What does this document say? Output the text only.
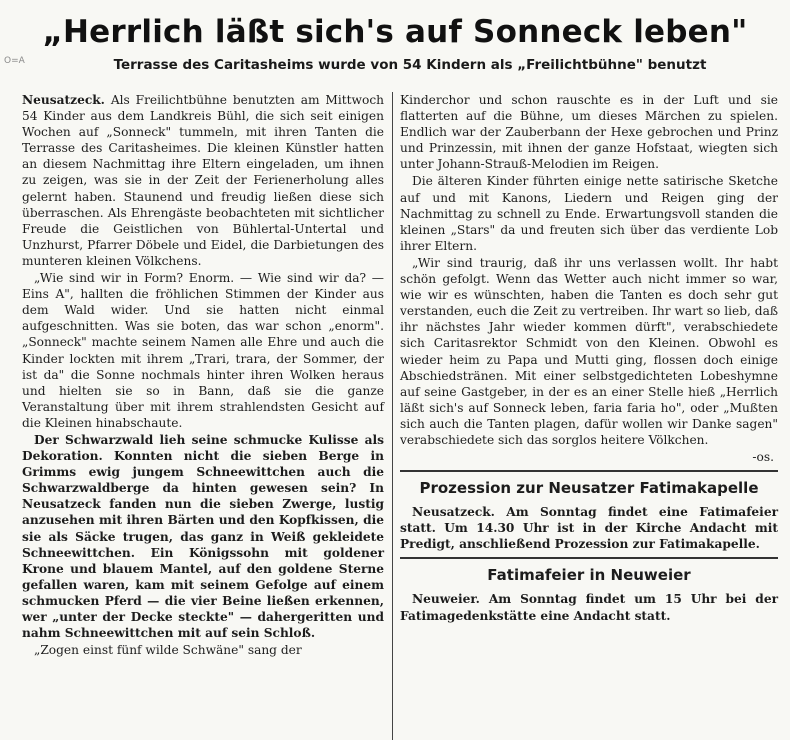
O=A
„Herrlich läßt sich's auf Sonneck leben"
Terrasse des Caritasheims wurde von 54 Kindern als „Freilichtbühne" benutzt

Neusatzeck. Als Freilichtbühne benutzten am Mittwoch 54 Kinder aus dem Landkreis Bühl, die sich seit einigen Wochen auf „Sonneck" tummeln, mit ihren Tanten die Terrasse des Caritasheimes. Die kleinen Künstler hatten an diesem Nachmittag ihre Eltern eingeladen, um ihnen zu zeigen, was sie in der Zeit der Ferienerholung alles gelernt haben. Staunend und freudig ließen diese sich überraschen. Als Ehrengäste beobachteten mit sichtlicher Freude die Geistlichen von Bühlertal-Untertal und Unzhurst, Pfarrer Döbele und Eidel, die Darbietungen des munteren kleinen Völkchens.

„Wie sind wir in Form? Enorm. — Wie sind wir da? — Eins A", hallten die fröhlichen Stimmen der Kinder aus dem Wald wider. Und sie hatten nicht einmal aufgeschnitten. Was sie boten, das war schon „enorm". „Sonneck" machte seinem Namen alle Ehre und auch die Kinder lockten mit ihrem „Trari, trara, der Sommer, der ist da" die Sonne nochmals hinter ihren Wolken heraus und hielten sie so in Bann, daß sie die ganze Veranstaltung über mit ihrem strahlendsten Gesicht auf die Kleinen hinabschaute.

Der Schwarzwald lieh seine schmucke Kulisse als Dekoration. Konnten nicht die sieben Berge in Grimms ewig jungem Schneewittchen auch die Schwarzwaldberge da hinten gewesen sein? In Neusatzeck fanden nun die sieben Zwerge, lustig anzusehen mit ihren Bärten und den Kopfkissen, die sie als Säcke trugen, das ganz in Weiß gekleidete Schneewittchen. Ein Königssohn mit goldener Krone und blauem Mantel, auf den goldene Sterne gefallen waren, kam mit seinem Gefolge auf einem schmucken Pferd — die vier Beine ließen erkennen, wer „unter der Decke steckte" — dahergeritten und nahm Schneewittchen mit auf sein Schloß.

„Zogen einst fünf wilde Schwäne" sang der

Kinderchor und schon rauschte es in der Luft und sie flatterten auf die Bühne, um dieses Märchen zu spielen. Endlich war der Zauberbann der Hexe gebrochen und Prinz und Prinzessin, mit ihnen der ganze Hofstaat, wiegten sich unter Johann-Strauß-Melodien im Reigen.

Die älteren Kinder führten einige nette satirische Sketche auf und mit Kanons, Liedern und Reigen ging der Nachmittag zu schnell zu Ende. Erwartungsvoll standen die kleinen „Stars" da und freuten sich über das verdiente Lob ihrer Eltern.

„Wir sind traurig, daß ihr uns verlassen wollt. Ihr habt schön gefolgt. Wenn das Wetter auch nicht immer so war, wie wir es wünschten, haben die Tanten es doch sehr gut verstanden, euch die Zeit zu vertreiben. Ihr wart so lieb, daß ihr nächstes Jahr wieder kommen dürft", verabschiedete sich Caritasrektor Schmidt von den Kleinen. Obwohl es wieder heim zu Papa und Mutti ging, flossen doch einige Abschiedstränen. Mit einer selbstgedichteten Lobeshymne auf seine Gastgeber, in der es an einer Stelle hieß „Herrlich läßt sich's auf Sonneck leben, faria faria ho", oder „Mußten sich auch die Tanten plagen, dafür wollen wir Danke sagen" verabschiedete sich das sorglos heitere Völkchen.

-os.
Prozession zur Neusatzer Fatimakapelle

Neusatzeck. Am Sonntag findet eine Fatimafeier statt. Um 14.30 Uhr ist in der Kirche Andacht mit Predigt, anschließend Prozession zur Fatimakapelle.

Fatimafeier in Neuweier

Neuweier. Am Sonntag findet um 15 Uhr bei der Fatimagedenkstätte eine Andacht statt.
